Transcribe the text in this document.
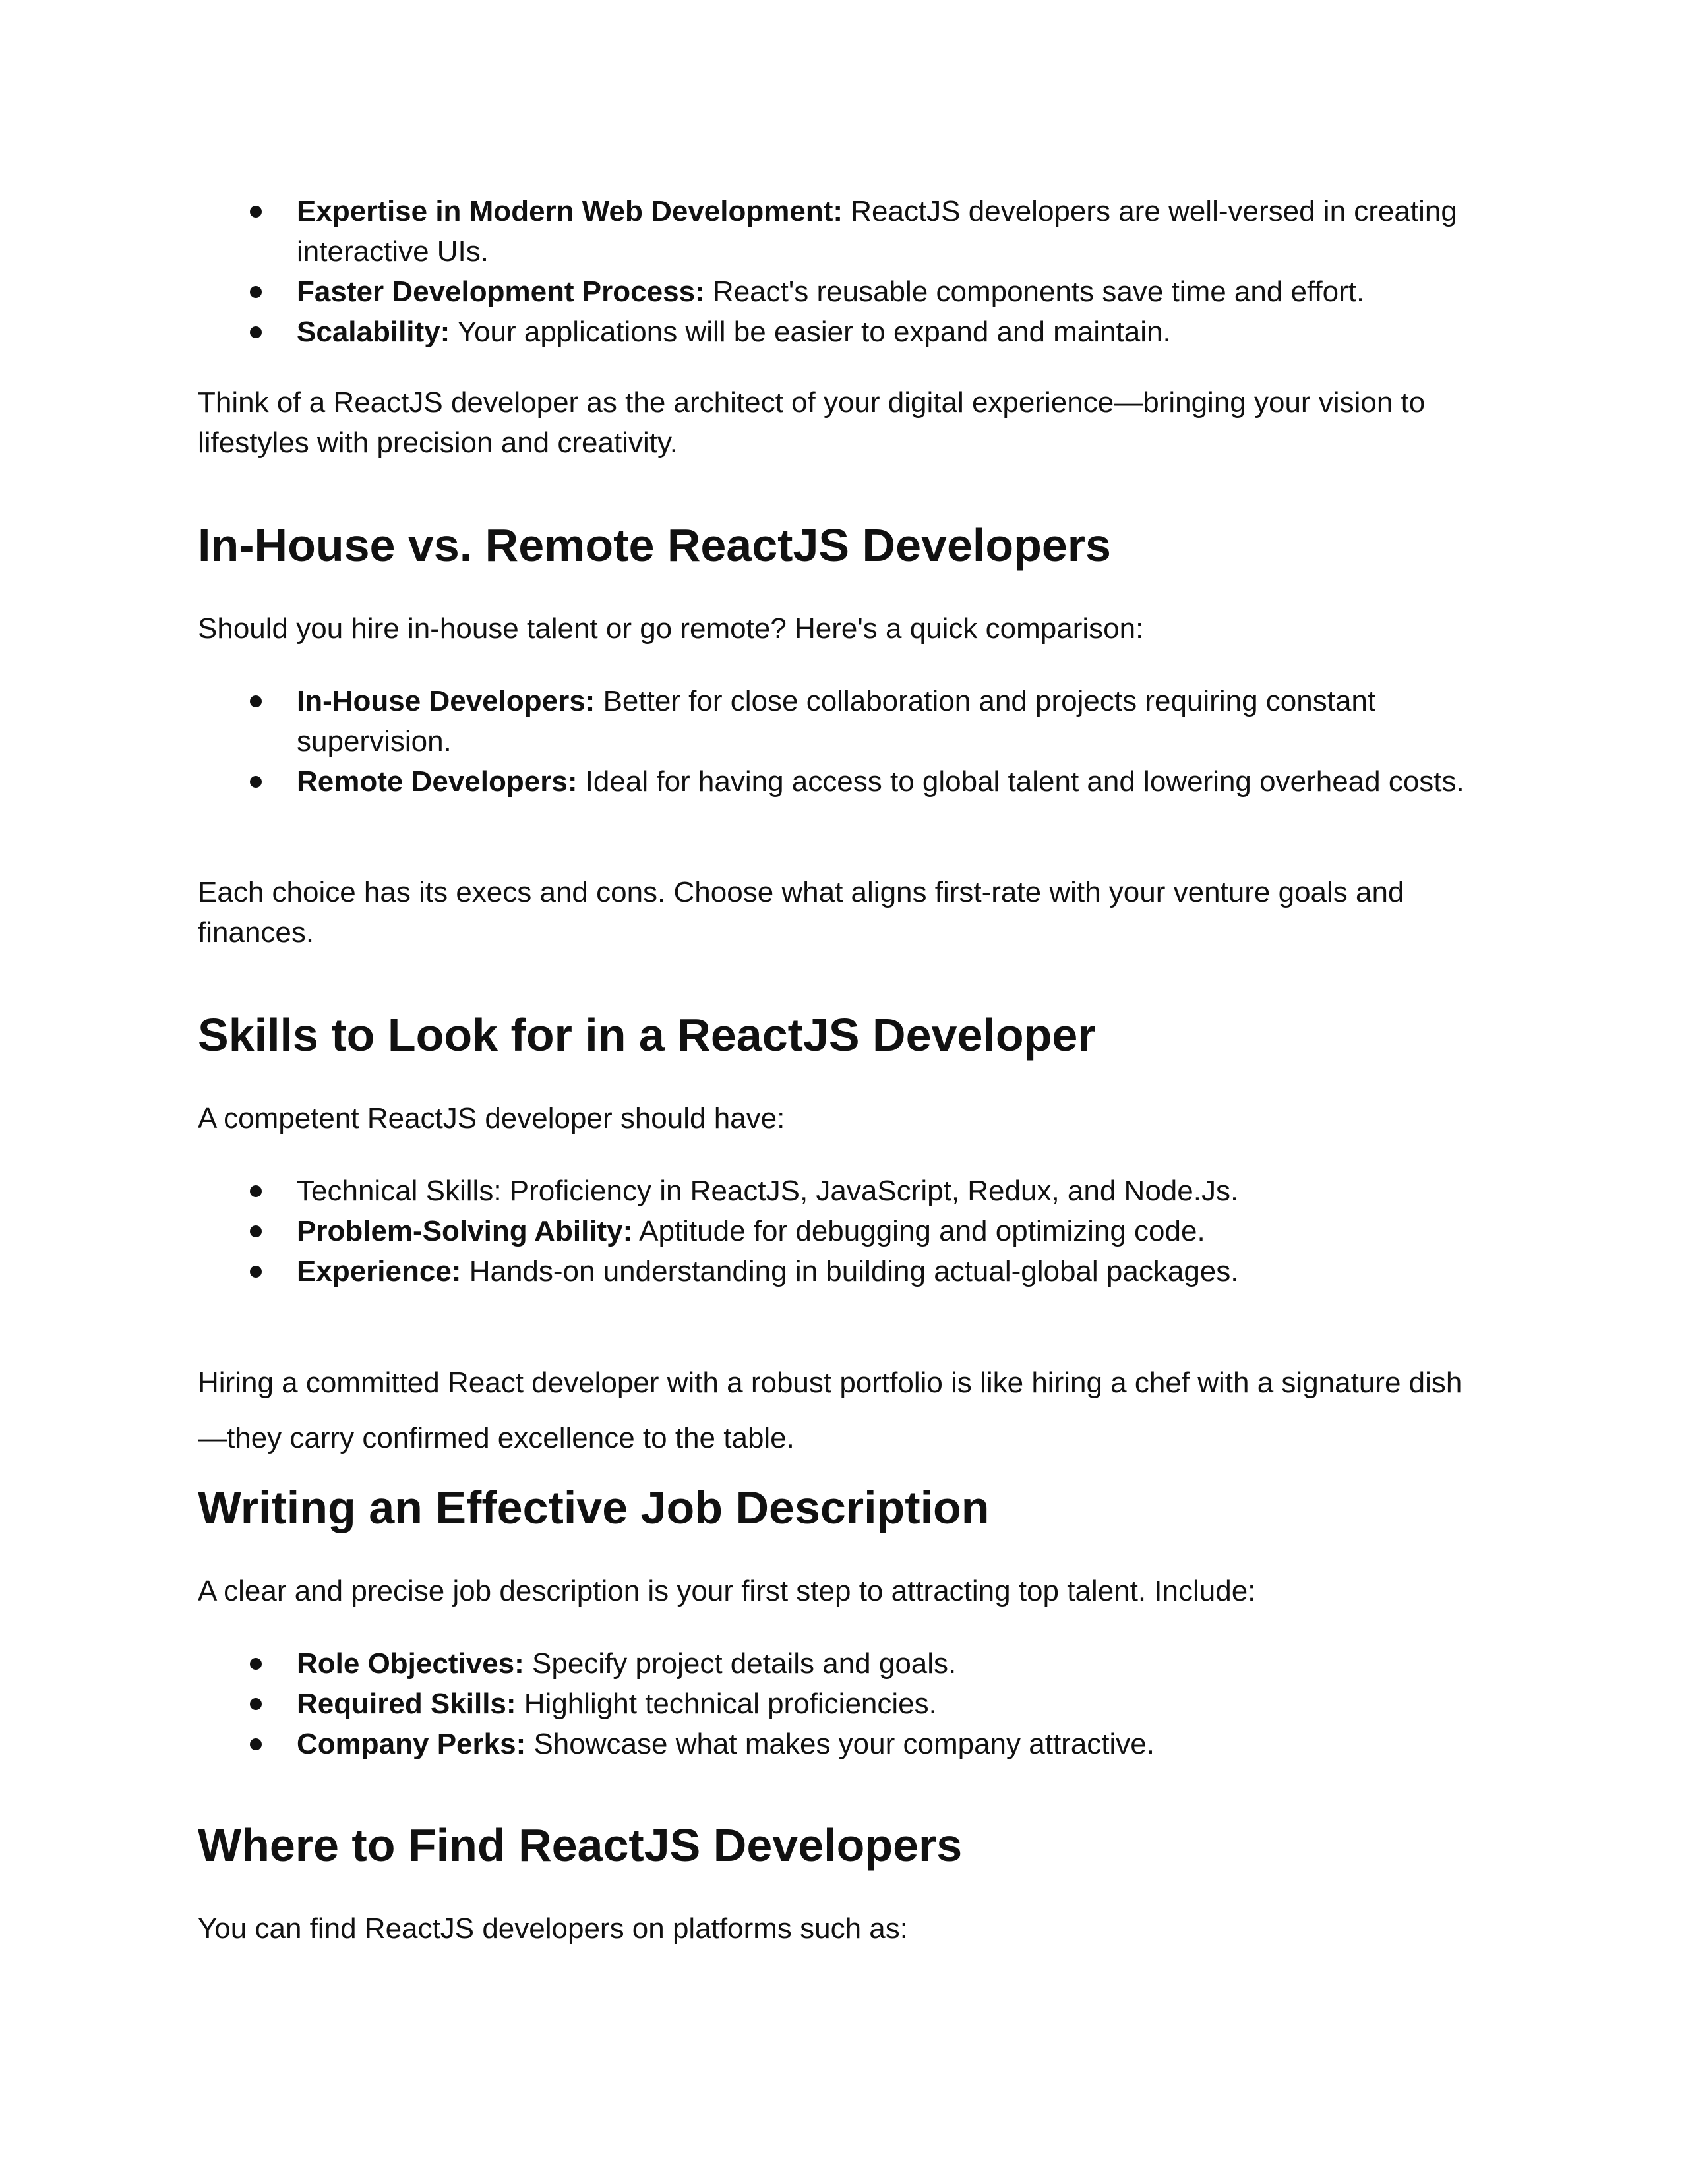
Expertise in Modern Web Development: ReactJS developers are well-versed in creating interactive UIs.
Faster Development Process: React's reusable components save time and effort.
Scalability: Your applications will be easier to expand and maintain.

Think of a ReactJS developer as the architect of your digital experience—bringing your vision to lifestyles with precision and creativity.

In-House vs. Remote ReactJS Developers

Should you hire in-house talent or go remote? Here's a quick comparison:

In-House Developers: Better for close collaboration and projects requiring constant supervision.
Remote Developers: Ideal for having access to global talent and lowering overhead costs.

Each choice has its execs and cons. Choose what aligns first-rate with your venture goals and finances.

Skills to Look for in a ReactJS Developer

A competent ReactJS developer should have:

Technical Skills: Proficiency in ReactJS, JavaScript, Redux, and Node.Js.
Problem-Solving Ability: Aptitude for debugging and optimizing code.
Experience: Hands-on understanding in building actual-global packages.

Hiring a committed React developer with a robust portfolio is like hiring a chef with a signature dish—they carry confirmed excellence to the table.

Writing an Effective Job Description

A clear and precise job description is your first step to attracting top talent. Include:

Role Objectives: Specify project details and goals.
Required Skills: Highlight technical proficiencies.
Company Perks: Showcase what makes your company attractive.
Where to Find ReactJS Developers

You can find ReactJS developers on platforms such as:
